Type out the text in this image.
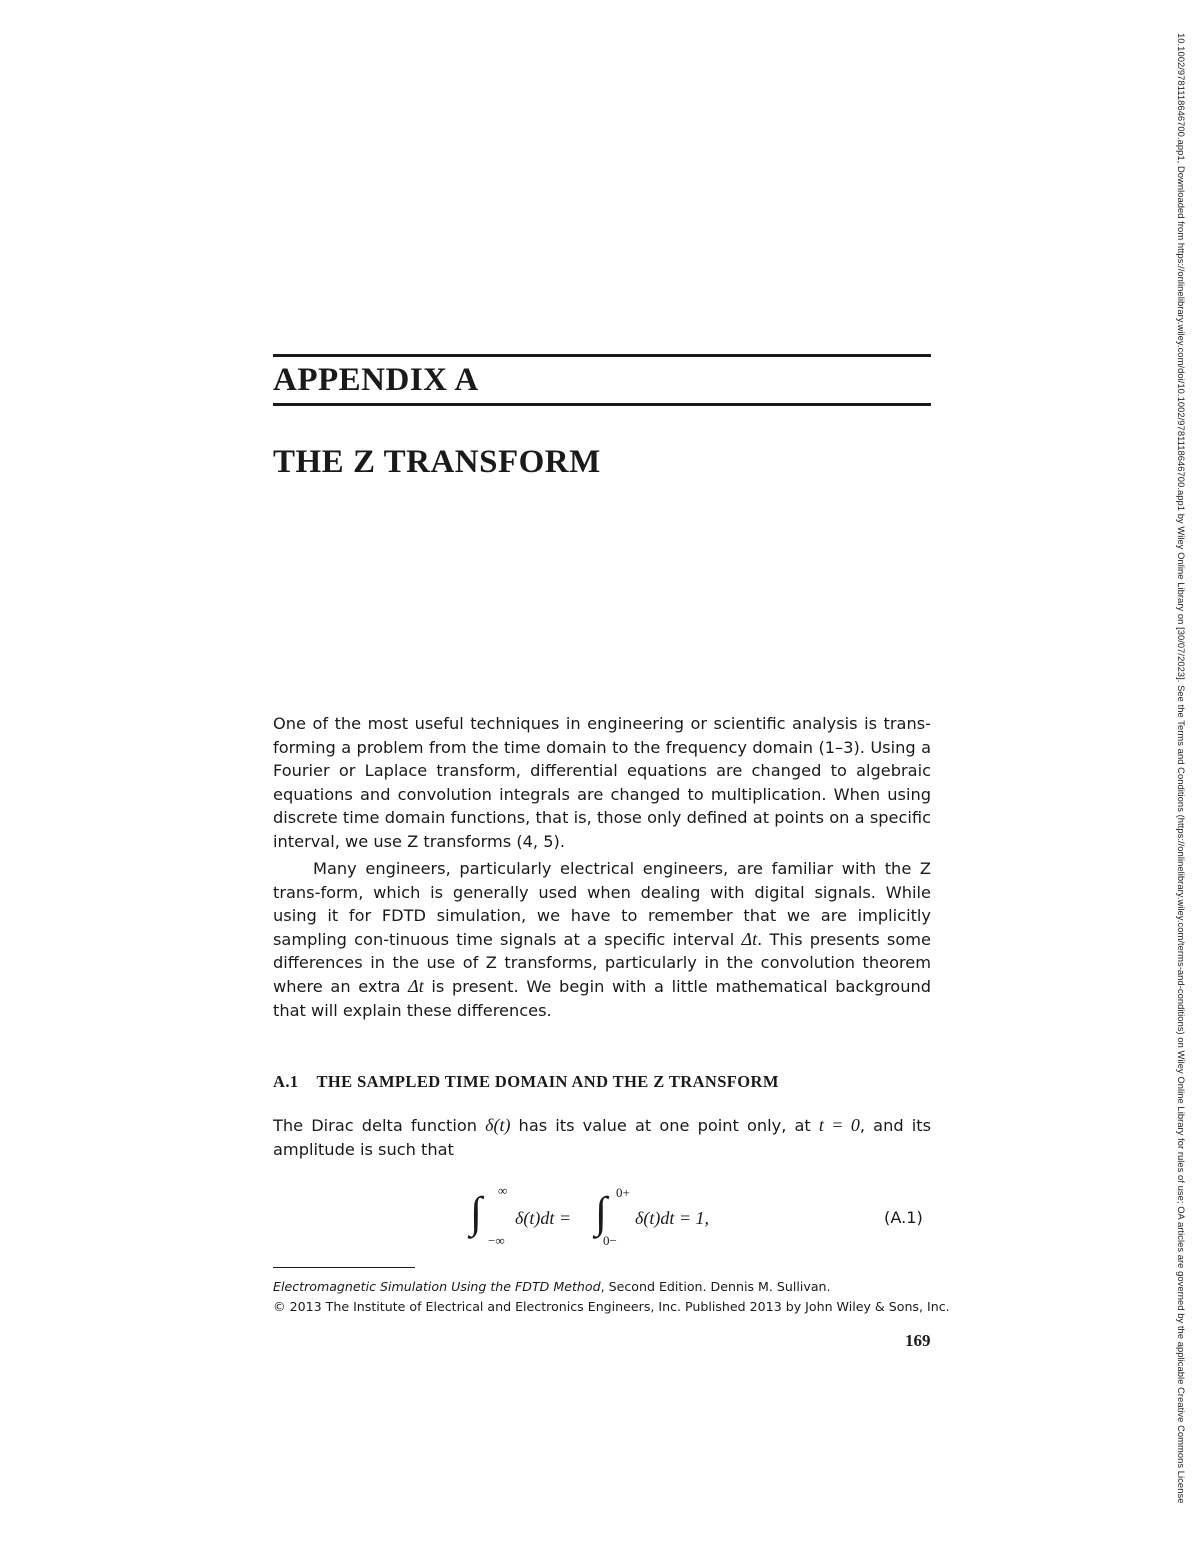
APPENDIX A
THE Z TRANSFORM

One of the most useful techniques in engineering or scientific analysis is trans-forming a problem from the time domain to the frequency domain (1–3). Using a Fourier or Laplace transform, differential equations are changed to algebraic equations and convolution integrals are changed to multiplication. When using discrete time domain functions, that is, those only defined at points on a specific interval, we use Z transforms (4, 5).

Many engineers, particularly electrical engineers, are familiar with the Z trans-form, which is generally used when dealing with digital signals. While using it for FDTD simulation, we have to remember that we are implicitly sampling con-tinuous time signals at a specific interval Δt. This presents some differences in the use of Z transforms, particularly in the convolution theorem where an extra Δt is present. We begin with a little mathematical background that will explain these differences.

A.1 THE SAMPLED TIME DOMAIN AND THE Z TRANSFORM

The Dirac delta function δ(t) has its value at one point only, at t = 0, and its amplitude is such that

∫ ∞
−∞
δ(t)dt = ∫ 0+
0−
δ(t)dt = 1,	(A.1)
Electromagnetic Simulation Using the FDTD Method, Second Edition. Dennis M. Sullivan.
© 2013 The Institute of Electrical and Electronics Engineers, Inc. Published 2013 by John Wiley & Sons, Inc.
169	10.1002/9781118646700.app1, Downloaded from https://onlinelibrary.wiley.com/doi/10.1002/9781118646700.app1 by Wiley Online Library on [30/07/2023]. See the Terms and Conditions (https://onlinelibrary.wiley.com/terms-and-conditions) on Wiley Online Library for rules of use; OA articles are governed by the applicable Creative Commons License
